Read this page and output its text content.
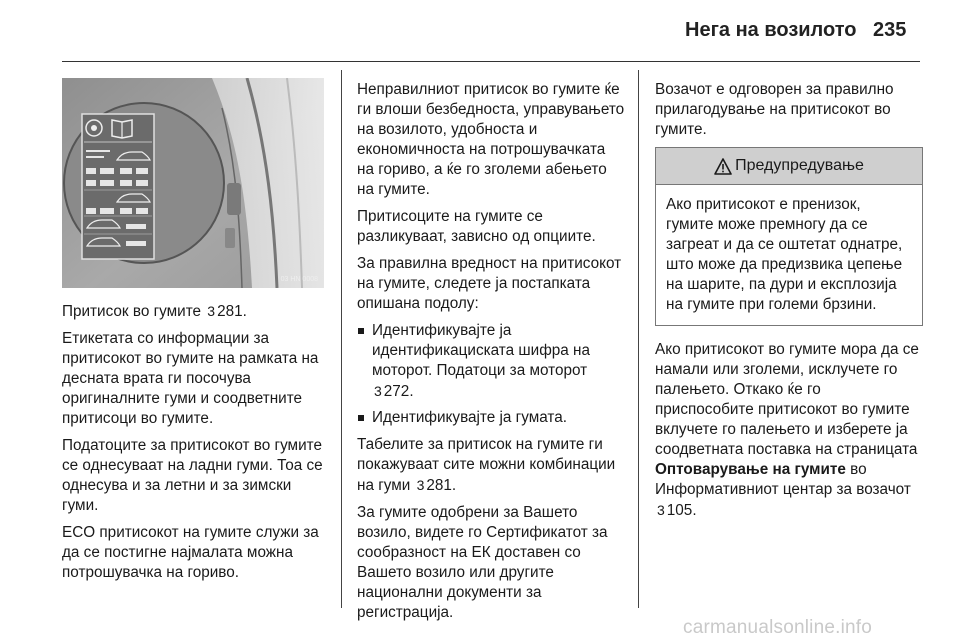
Нега на возилото 235
03 HN 0008

Притисок во гумите 3 281.

Етикетата со информации за притисокот во гумите на рамката на десната врата ги посочува оригиналните гуми и соодветните притисоци во гумите.

Податоците за притисокот во гумите се однесуваат на ладни гуми. Тоа се однесува и за летни и за зимски гуми.

ECO притисокот на гумите служи за да се постигне најмалата можна потрошувачка на гориво.

Неправилниот притисок во гумите ќе ги влоши безбедноста, управувањето на возилото, удобноста и економичноста на потрошувачката на гориво, а ќе го зголеми абењето на гумите.

Притисоците на гумите се разликуваат, зависно од опциите.

За правилна вредност на притисокот на гумите, следете ја постапката опишана подолу:

Идентификувајте ја идентификациската шифра на моторот. Податоци за моторот 3 272.
Идентификувајте ја гумата.

Табелите за притисок на гумите ги покажуваат сите можни комбинации на гуми 3 281.

За гумите одобрени за Вашето возило, видете го Сертификатот за сообразност на ЕК доставен со Вашето возило или другите национални документи за регистрација.

Возачот е одговорен за правилно прилагодување на притисокот во гумите.

Предупредување
Ако притисокот е пренизок, гумите може премногу да се загреат и да се оштетат однатре, што може да предизвика цепење на шарите, па дури и експлозија на гумите при големи брзини.

Ако притисокот во гумите мора да се намали или зголеми, исклучете го палењето. Откако ќе го приспособите притисокот во гумите вклучете го палењето и изберете ја соодветната поставка на страницата Оптоварување на гумите во Информативниот центар за возачот 3 105.

carmanualsonline.info
